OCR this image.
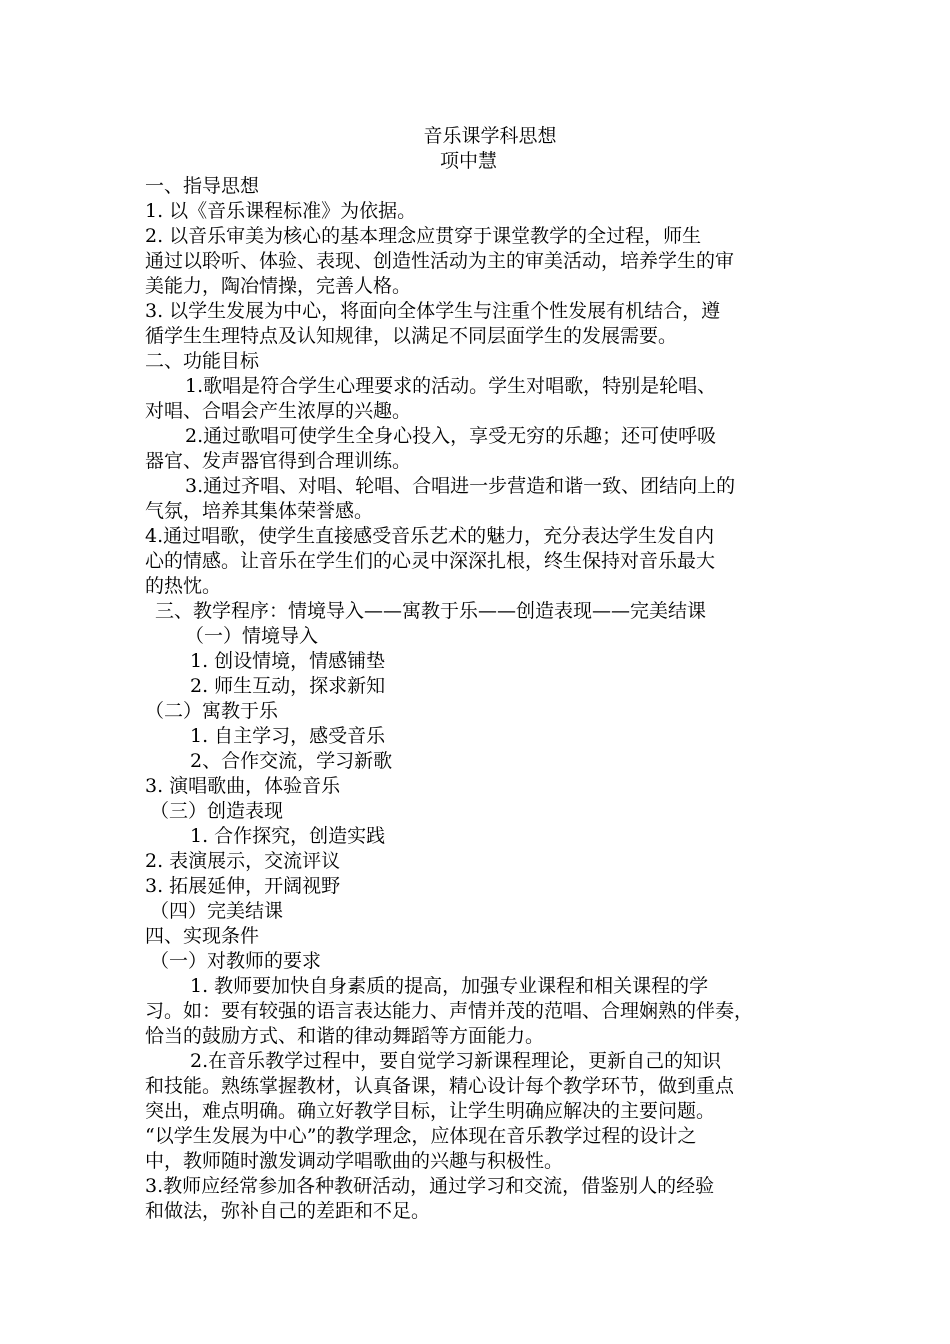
音乐课学科思想
项中慧
一、指导思想
1. 以《音乐课程标准》为依据。
2. 以音乐审美为核心的基本理念应贯穿于课堂教学的全过程，师生
通过以聆听、体验、表现、创造性活动为主的审美活动，培养学生的审
美能力，陶冶情操，完善人格。
3. 以学生发展为中心，将面向全体学生与注重个性发展有机结合，遵
循学生生理特点及认知规律，以满足不同层面学生的发展需要。
二、功能目标
1.歌唱是符合学生心理要求的活动。学生对唱歌，特别是轮唱、
对唱、合唱会产生浓厚的兴趣。
2.通过歌唱可使学生全身心投入，享受无穷的乐趣；还可使呼吸
器官、发声器官得到合理训练。
3.通过齐唱、对唱、轮唱、合唱进一步营造和谐一致、团结向上的
气氛，培养其集体荣誉感。
4.通过唱歌，使学生直接感受音乐艺术的魅力，充分表达学生发自内
心的情感。让音乐在学生们的心灵中深深扎根，终生保持对音乐最大
的热忱。
三、教学程序：情境导入——寓教于乐——创造表现——完美结课
（一）情境导入
1. 创设情境，情感铺垫
2. 师生互动，探求新知
（二）寓教于乐
1. 自主学习，感受音乐
2、合作交流，学习新歌
3. 演唱歌曲，体验音乐
（三）创造表现
1. 合作探究，创造实践
2. 表演展示，交流评议
3. 拓展延伸，开阔视野
（四）完美结课
四、实现条件
（一）对教师的要求
1. 教师要加快自身素质的提高，加强专业课程和相关课程的学
习。如：要有较强的语言表达能力、声情并茂的范唱、合理娴熟的伴奏，
恰当的鼓励方式、和谐的律动舞蹈等方面能力。
2.在音乐教学过程中，要自觉学习新课程理论，更新自己的知识
和技能。熟练掌握教材，认真备课，精心设计每个教学环节，做到重点
突出，难点明确。确立好教学目标，让学生明确应解决的主要问题。
“以学生发展为中心”的教学理念，应体现在音乐教学过程的设计之
中，教师随时激发调动学唱歌曲的兴趣与积极性。
3.教师应经常参加各种教研活动，通过学习和交流，借鉴别人的经验
和做法，弥补自己的差距和不足。
